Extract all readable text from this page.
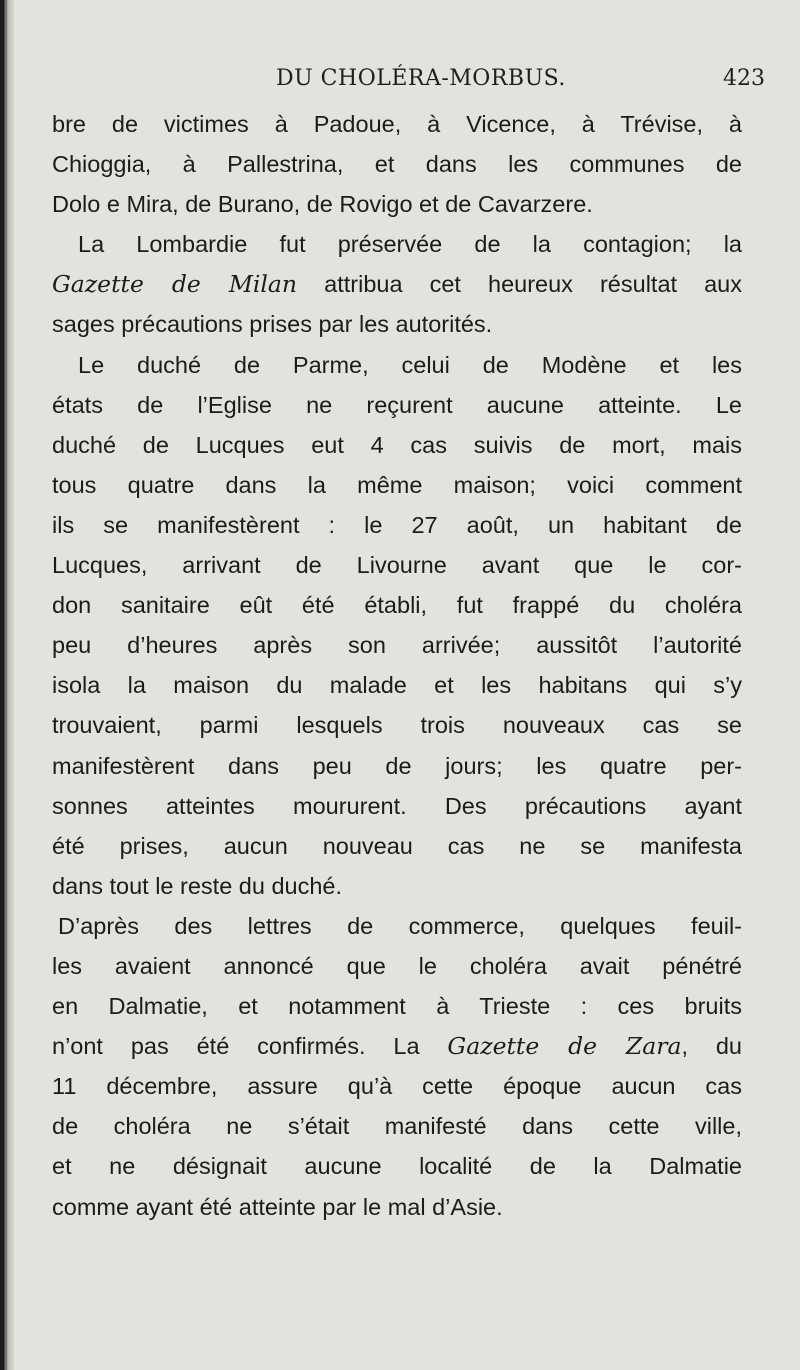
DU CHOLÉRA-MORBUS.	423
bre de victimes à Padoue, à Vicence, à Trévise, à
Chioggia, à Pallestrina, et dans les communes de
Dolo e Mira, de Burano, de Rovigo et de Cavarzere.
La Lombardie fut préservée de la contagion; la
Gazette de Milan attribua cet heureux résultat aux
sages précautions prises par les autorités.
Le duché de Parme, celui de Modène et les
états de l’Eglise ne reçurent aucune atteinte. Le
duché de Lucques eut 4 cas suivis de mort, mais
tous quatre dans la même maison; voici comment
ils se manifestèrent : le 27 août, un habitant de
Lucques, arrivant de Livourne avant que le cor-
don sanitaire eût été établi, fut frappé du choléra
peu d’heures après son arrivée; aussitôt l’autorité
isola la maison du malade et les habitans qui s’y
trouvaient, parmi lesquels trois nouveaux cas se
manifestèrent dans peu de jours; les quatre per-
sonnes atteintes moururent. Des précautions ayant
été prises, aucun nouveau cas ne se manifesta
dans tout le reste du duché.
D’après des lettres de commerce, quelques feuil-
les avaient annoncé que le choléra avait pénétré
en Dalmatie, et notamment à Trieste : ces bruits
n’ont pas été confirmés. La Gazette de Zara, du
11 décembre, assure qu’à cette époque aucun cas
de choléra ne s’était manifesté dans cette ville,
et ne désignait aucune localité de la Dalmatie
comme ayant été atteinte par le mal d’Asie.
